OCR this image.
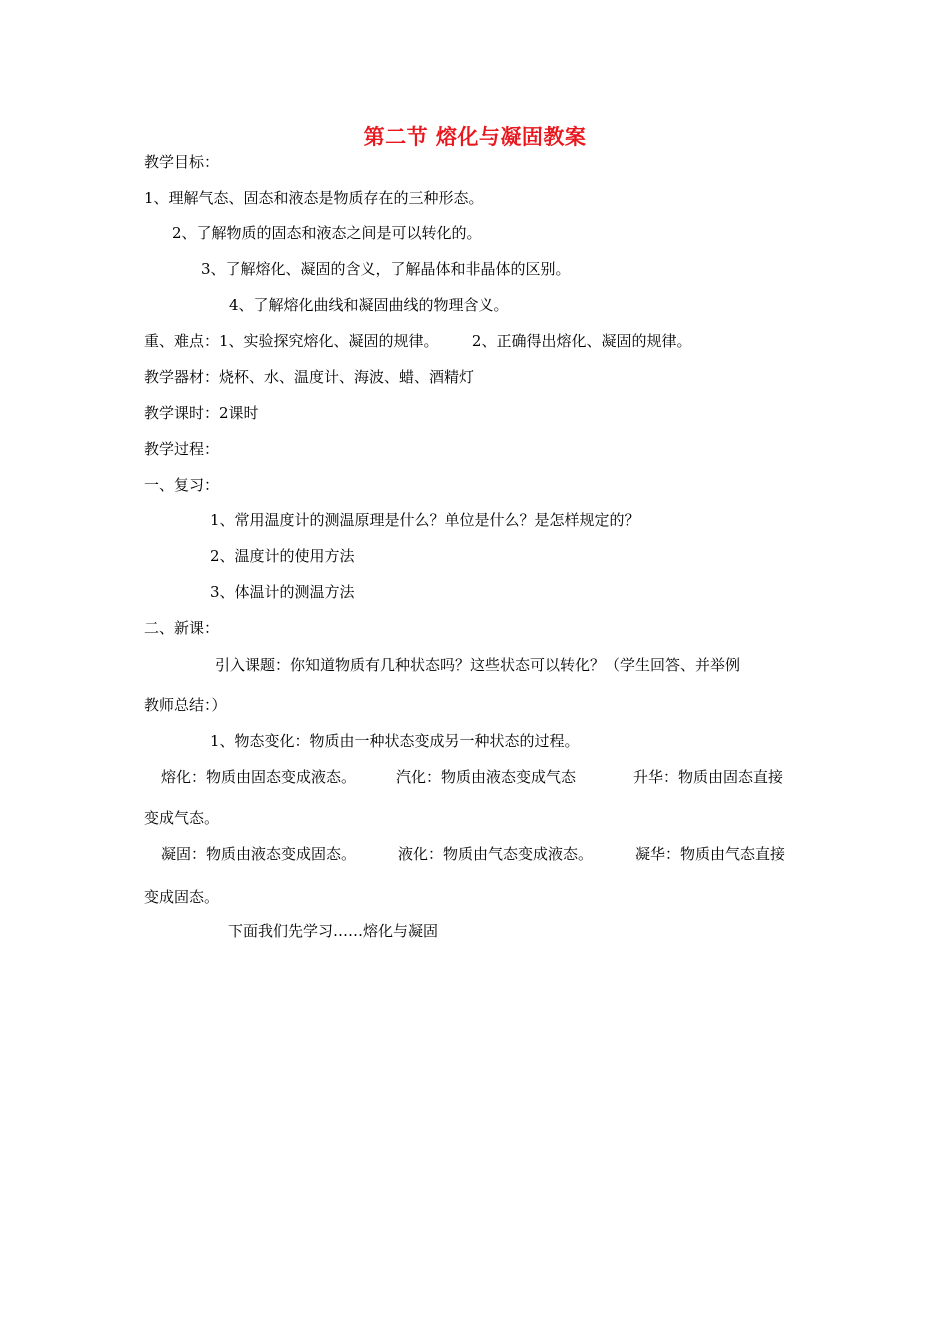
第二节 熔化与凝固教案
教学目标：
1、理解气态、固态和液态是物质存在的三种形态。
2、了解物质的固态和液态之间是可以转化的。
3、了解熔化、凝固的含义，了解晶体和非晶体的区别。
4、了解熔化曲线和凝固曲线的物理含义。
重、难点：1、实验探究熔化、凝固的规律。       2、正确得出熔化、凝固的规律。
教学器材：烧杯、水、温度计、海波、蜡、酒精灯
教学课时：2课时
教学过程：
一、复习：
1、常用温度计的测温原理是什么？单位是什么？是怎样规定的？
2、温度计的使用方法
3、体温计的测温方法
二、新课：
引入课题：你知道物质有几种状态吗？这些状态可以转化？（学生回答、并举例
教师总结：）
1、物态变化：物质由一种状态变成另一种状态的过程。
熔化：物质由固态变成液态。	汽化：物质由液态变成气态	升华：物质由固态直接
变成气态。
凝固：物质由液态变成固态。	液化：物质由气态变成液态。	凝华：物质由气态直接
变成固态。
下面我们先学习……熔化与凝固
